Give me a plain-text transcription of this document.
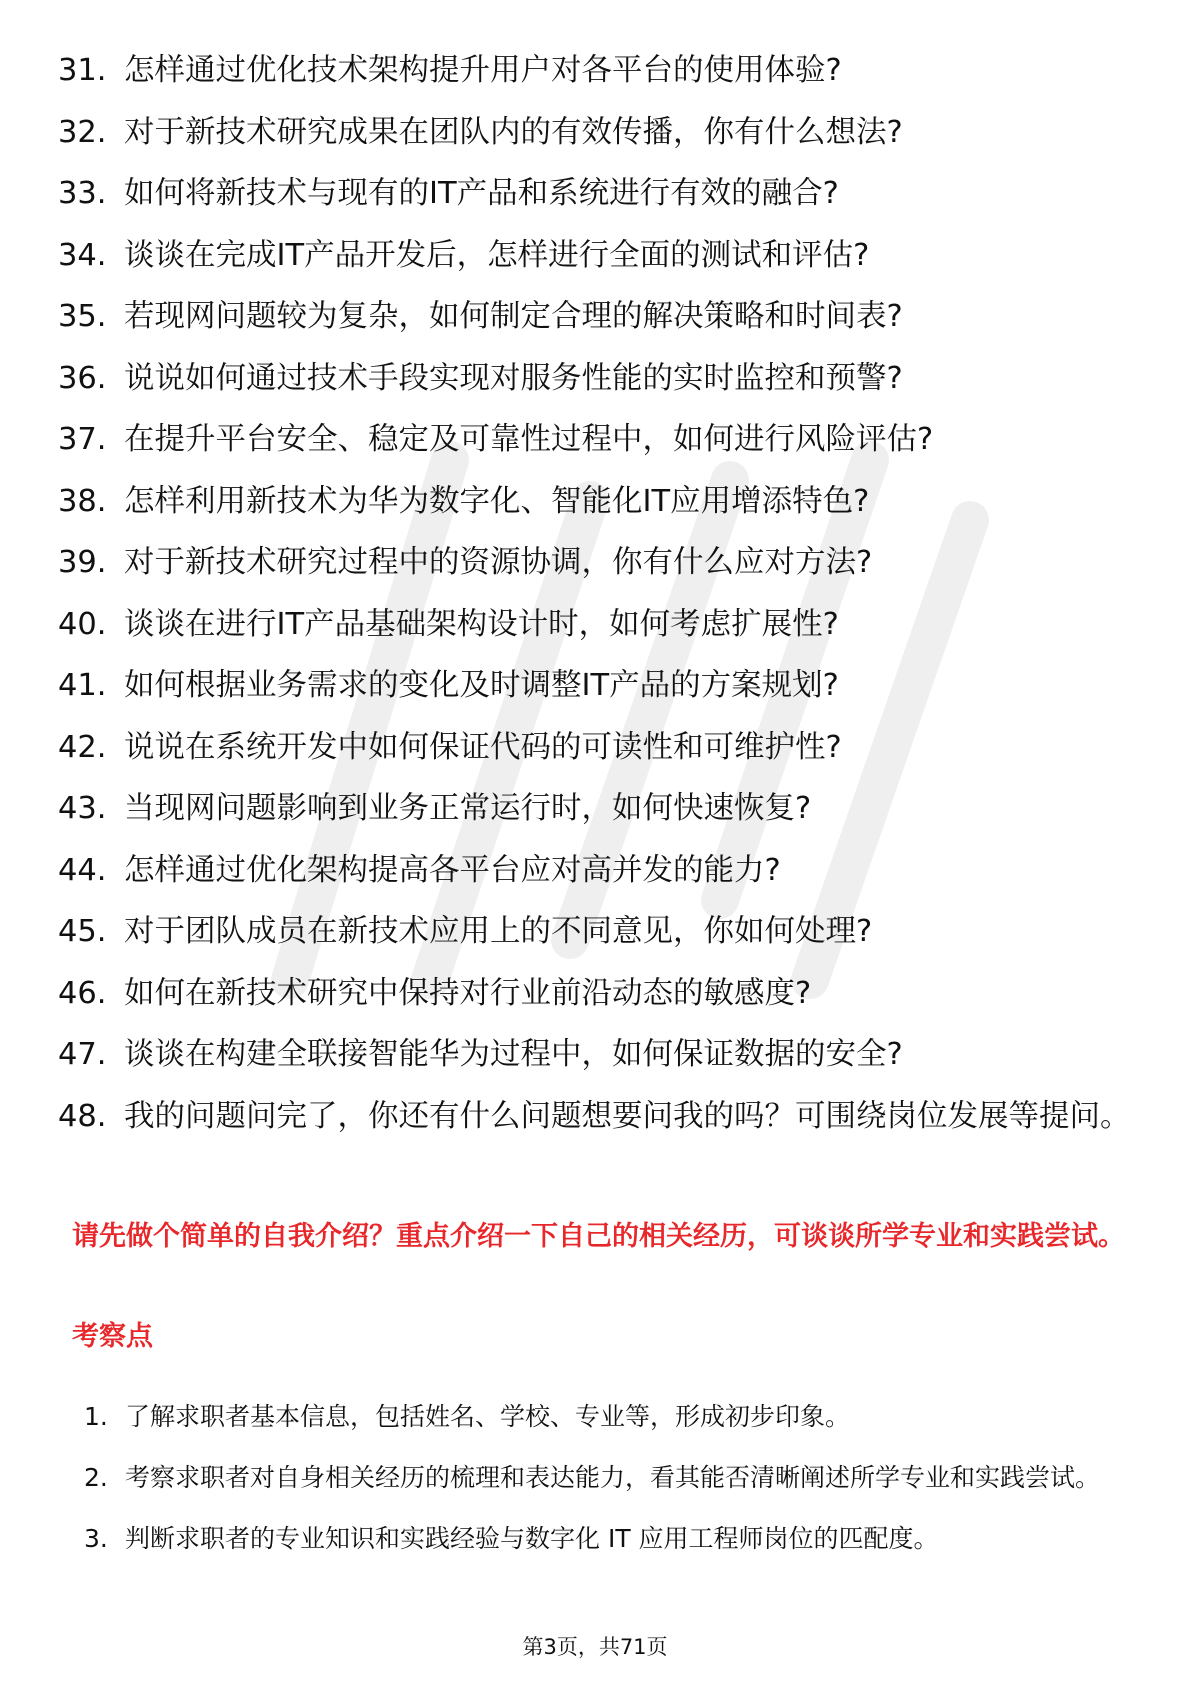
31. 怎样通过优化技术架构提升用户对各平台的使用体验?
32. 对于新技术研究成果在团队内的有效传播，你有什么想法?
33. 如何将新技术与现有的IT产品和系统进行有效的融合?
34. 谈谈在完成IT产品开发后，怎样进行全面的测试和评估?
35. 若现网问题较为复杂，如何制定合理的解决策略和时间表?
36. 说说如何通过技术手段实现对服务性能的实时监控和预警?
37. 在提升平台安全、稳定及可靠性过程中，如何进行风险评估?
38. 怎样利用新技术为华为数字化、智能化IT应用增添特色?
39. 对于新技术研究过程中的资源协调，你有什么应对方法?
40. 谈谈在进行IT产品基础架构设计时，如何考虑扩展性?
41. 如何根据业务需求的变化及时调整IT产品的方案规划?
42. 说说在系统开发中如何保证代码的可读性和可维护性?
43. 当现网问题影响到业务正常运行时，如何快速恢复?
44. 怎样通过优化架构提高各平台应对高并发的能力?
45. 对于团队成员在新技术应用上的不同意见，你如何处理?
46. 如何在新技术研究中保持对行业前沿动态的敏感度?
47. 谈谈在构建全联接智能华为过程中，如何保证数据的安全?
48. 我的问题问完了，你还有什么问题想要问我的吗？可围绕岗位发展等提问。

请先做个简单的自我介绍？重点介绍一下自己的相关经历，可谈谈所学专业和实践尝试。

考察点

1. 了解求职者基本信息，包括姓名、学校、专业等，形成初步印象。
2. 考察求职者对自身相关经历的梳理和表达能力，看其能否清晰阐述所学专业和实践尝试。
3. 判断求职者的专业知识和实践经验与数字化 IT 应用工程师岗位的匹配度。
第3页，共71页
